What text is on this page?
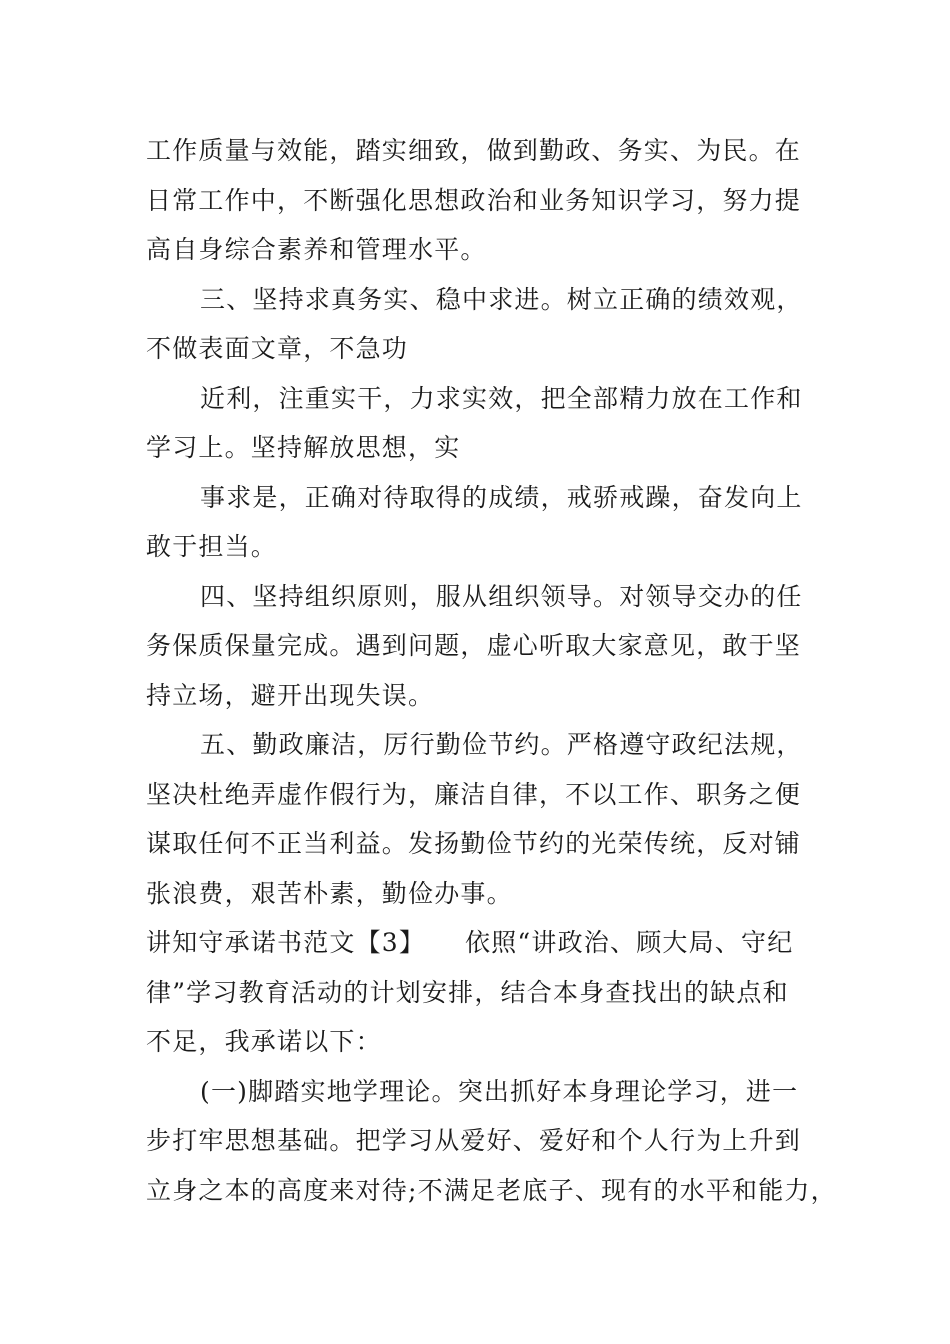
工作质量与效能，踏实细致，做到勤政、务实、为民。在
日常工作中，不断强化思想政治和业务知识学习，努力提
高自身综合素养和管理水平。
三、坚持求真务实、稳中求进。树立正确的绩效观，
不做表面文章，不急功
近利，注重实干，力求实效，把全部精力放在工作和
学习上。坚持解放思想，实
事求是，正确对待取得的成绩，戒骄戒躁，奋发向上
敢于担当。
四、坚持组织原则，服从组织领导。对领导交办的任
务保质保量完成。遇到问题，虚心听取大家意见，敢于坚
持立场，避开出现失误。
五、勤政廉洁，厉行勤俭节约。严格遵守政纪法规，
坚决杜绝弄虚作假行为，廉洁自律，不以工作、职务之便
谋取任何不正当利益。发扬勤俭节约的光荣传统，反对铺
张浪费，艰苦朴素，勤俭办事。
讲知守承诺书范文【3】　　依照“讲政治、顾大局、守纪
律”学习教育活动的计划安排，结合本身查找出的缺点和
不足，我承诺以下：
(一)脚踏实地学理论。突出抓好本身理论学习，进一
步打牢思想基础。把学习从爱好、爱好和个人行为上升到
立身之本的高度来对待;不满足老底子、现有的水平和能力，
